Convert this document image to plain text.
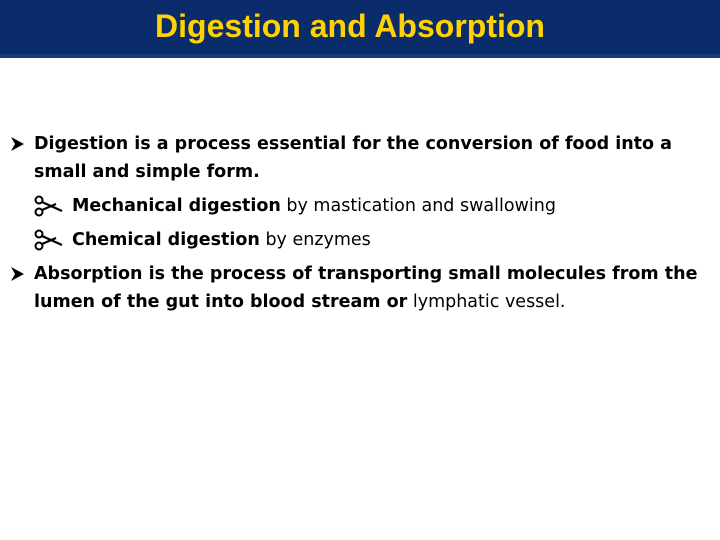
Digestion and Absorption
Digestion is a process essential for the conversion of food into a small and simple form.
Mechanical digestion by mastication and swallowing
Chemical digestion by enzymes
Absorption is the process of transporting small molecules from the lumen of the gut into blood stream or lymphatic vessel.
